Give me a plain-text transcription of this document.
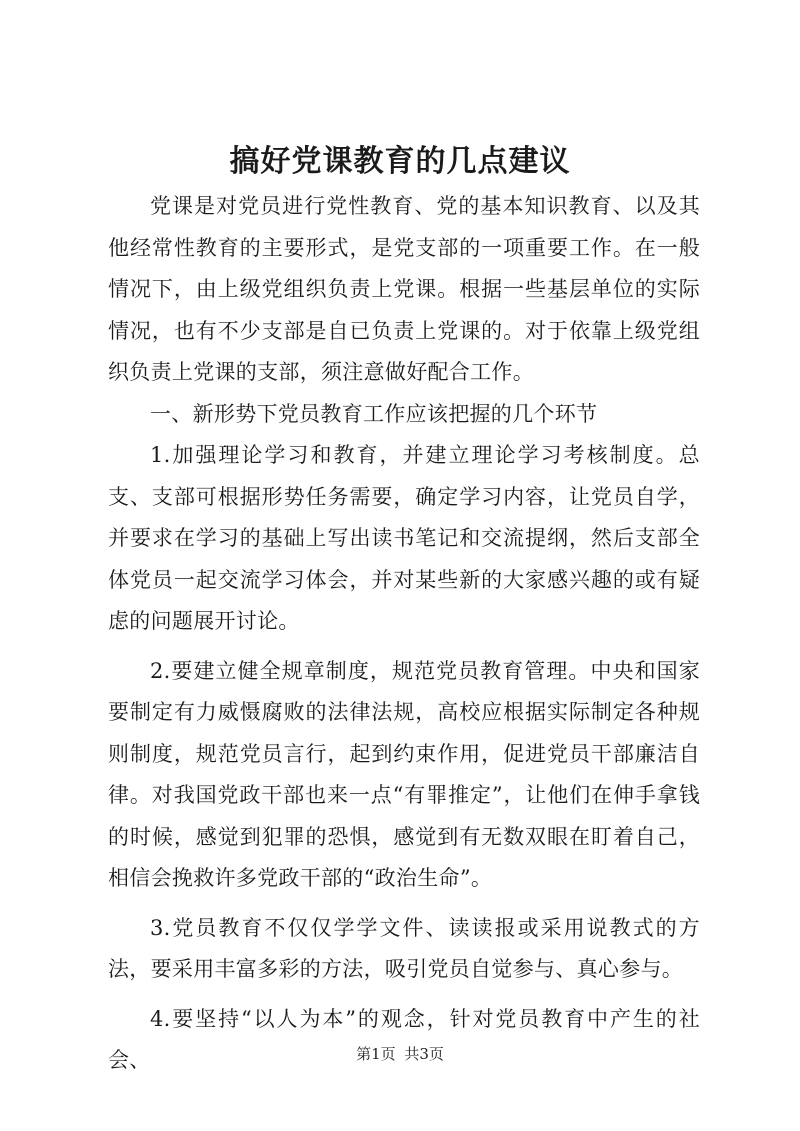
搞好党课教育的几点建议

党课是对党员进行党性教育、党的基本知识教育、以及其他经常性教育的主要形式，是党支部的一项重要工作。在一般情况下，由上级党组织负责上党课。根据一些基层单位的实际情况，也有不少支部是自已负责上党课的。对于依靠上级党组织负责上党课的支部，须注意做好配合工作。

一、新形势下党员教育工作应该把握的几个环节

1.加强理论学习和教育，并建立理论学习考核制度。总支、支部可根据形势任务需要，确定学习内容，让党员自学，并要求在学习的基础上写出读书笔记和交流提纲，然后支部全体党员一起交流学习体会，并对某些新的大家感兴趣的或有疑虑的问题展开讨论。

2.要建立健全规章制度，规范党员教育管理。中央和国家要制定有力威慑腐败的法律法规，高校应根据实际制定各种规则制度，规范党员言行，起到约束作用，促进党员干部廉洁自律。对我国党政干部也来一点“有罪推定”，让他们在伸手拿钱的时候，感觉到犯罪的恐惧，感觉到有无数双眼在盯着自己，相信会挽救许多党政干部的“政治生命”。

3.党员教育不仅仅学学文件、读读报或采用说教式的方法，要采用丰富多彩的方法，吸引党员自觉参与、真心参与。

4.要坚持“以人为本”的观念，针对党员教育中产生的社会、	第1页 共3页
